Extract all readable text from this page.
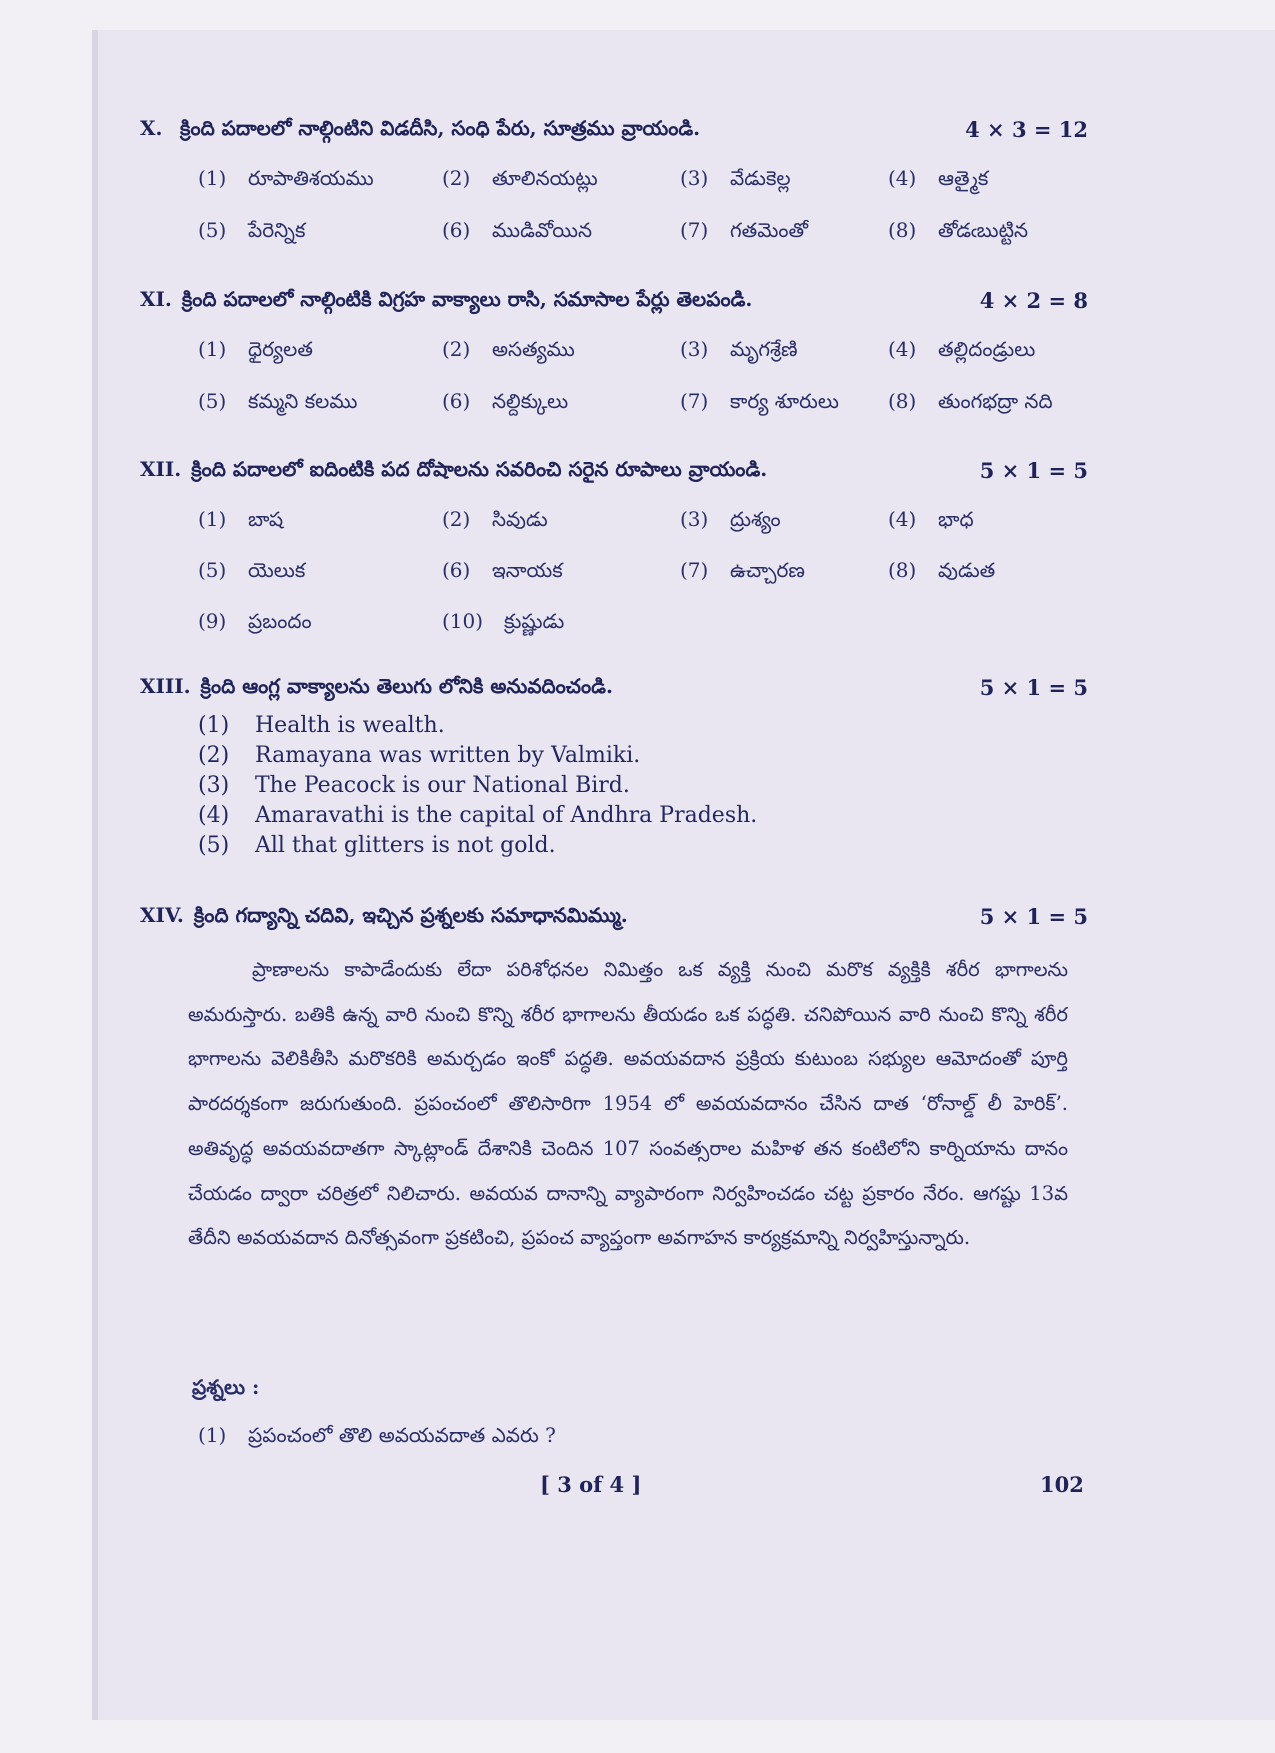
X. క్రింది పదాలలో నాల్గింటిని విడదీసి, సంధి పేరు, సూత్రము వ్రాయండి.	4 × 3 = 12
(1) రూపాతిశయము	(2) తూలినయట్లు	(3) వేడుకెల్ల	(4) ఆత్మైక
(5) పేరెన్నిక	(6) ముడివోయిన	(7) గతమెంతో	(8) తోడఁబుట్టిన
XI. క్రింది పదాలలో నాల్గింటికి విగ్రహ వాక్యాలు రాసి, సమాసాల పేర్లు తెలపండి.	4 × 2 = 8
(1) ధైర్యలత	(2) అసత్యము	(3) మృగశ్రేణి	(4) తల్లిదండ్రులు
(5) కమ్మని కలము	(6) నల్దిక్కులు	(7) కార్య శూరులు (8) తుంగభద్రా నది
XII. క్రింది పదాలలో ఐదింటికి పద దోషాలను సవరించి సరైన రూపాలు వ్రాయండి.	5 × 1 = 5
(1) బాష	(2) సివుడు	(3) ద్రుశ్యం	(4) భాధ
(5) యెలుక	(6) ఇనాయక	(7) ఉచ్చారణ	(8) వుడుత
(9) ప్రబందం	(10) క్రుష్ణుడు
XIII. క్రింది ఆంగ్ల వాక్యాలను తెలుగు లోనికి అనువదించండి.	5 × 1 = 5
(1) Health is wealth.
(2) Ramayana was written by Valmiki.
(3) The Peacock is our National Bird.
(4) Amaravathi is the capital of Andhra Pradesh.
(5) All that glitters is not gold.
XIV. క్రింది గద్యాన్ని చదివి, ఇచ్చిన ప్రశ్నలకు సమాధానమిమ్ము.	5 × 1 = 5
ప్రాణాలను కాపాడేందుకు లేదా పరిశోధనల నిమిత్తం ఒక వ్యక్తి నుంచి మరొక వ్యక్తికి శరీర భాగాలను అమరుస్తారు. బతికి ఉన్న వారి నుంచి కొన్ని శరీర భాగాలను తీయడం ఒక పద్ధతి. చనిపోయిన వారి నుంచి కొన్ని శరీర భాగాలను వెలికితీసి మరొకరికి అమర్చడం ఇంకో పద్ధతి. అవయవదాన ప్రక్రియ కుటుంబ సభ్యుల ఆమోదంతో పూర్తి పారదర్శకంగా జరుగుతుంది. ప్రపంచంలో తొలిసారిగా 1954 లో అవయవదానం చేసిన దాత ‘రోనాల్డ్ లీ హెరిక్’. అతివృద్ధ అవయవదాతగా స్కాట్లాండ్ దేశానికి చెందిన 107 సంవత్సరాల మహిళ తన కంటిలోని కార్నియాను దానం చేయడం ద్వారా చరిత్రలో నిలిచారు. అవయవ దానాన్ని వ్యాపారంగా నిర్వహించడం చట్ట ప్రకారం నేరం. ఆగష్టు 13వ తేదీని అవయవదాన దినోత్సవంగా ప్రకటించి, ప్రపంచ వ్యాప్తంగా అవగాహన కార్యక్రమాన్ని నిర్వహిస్తున్నారు.
ప్రశ్నలు :
(1) ప్రపంచంలో తొలి అవయవదాత ఎవరు ?
[ 3 of 4 ]	102
